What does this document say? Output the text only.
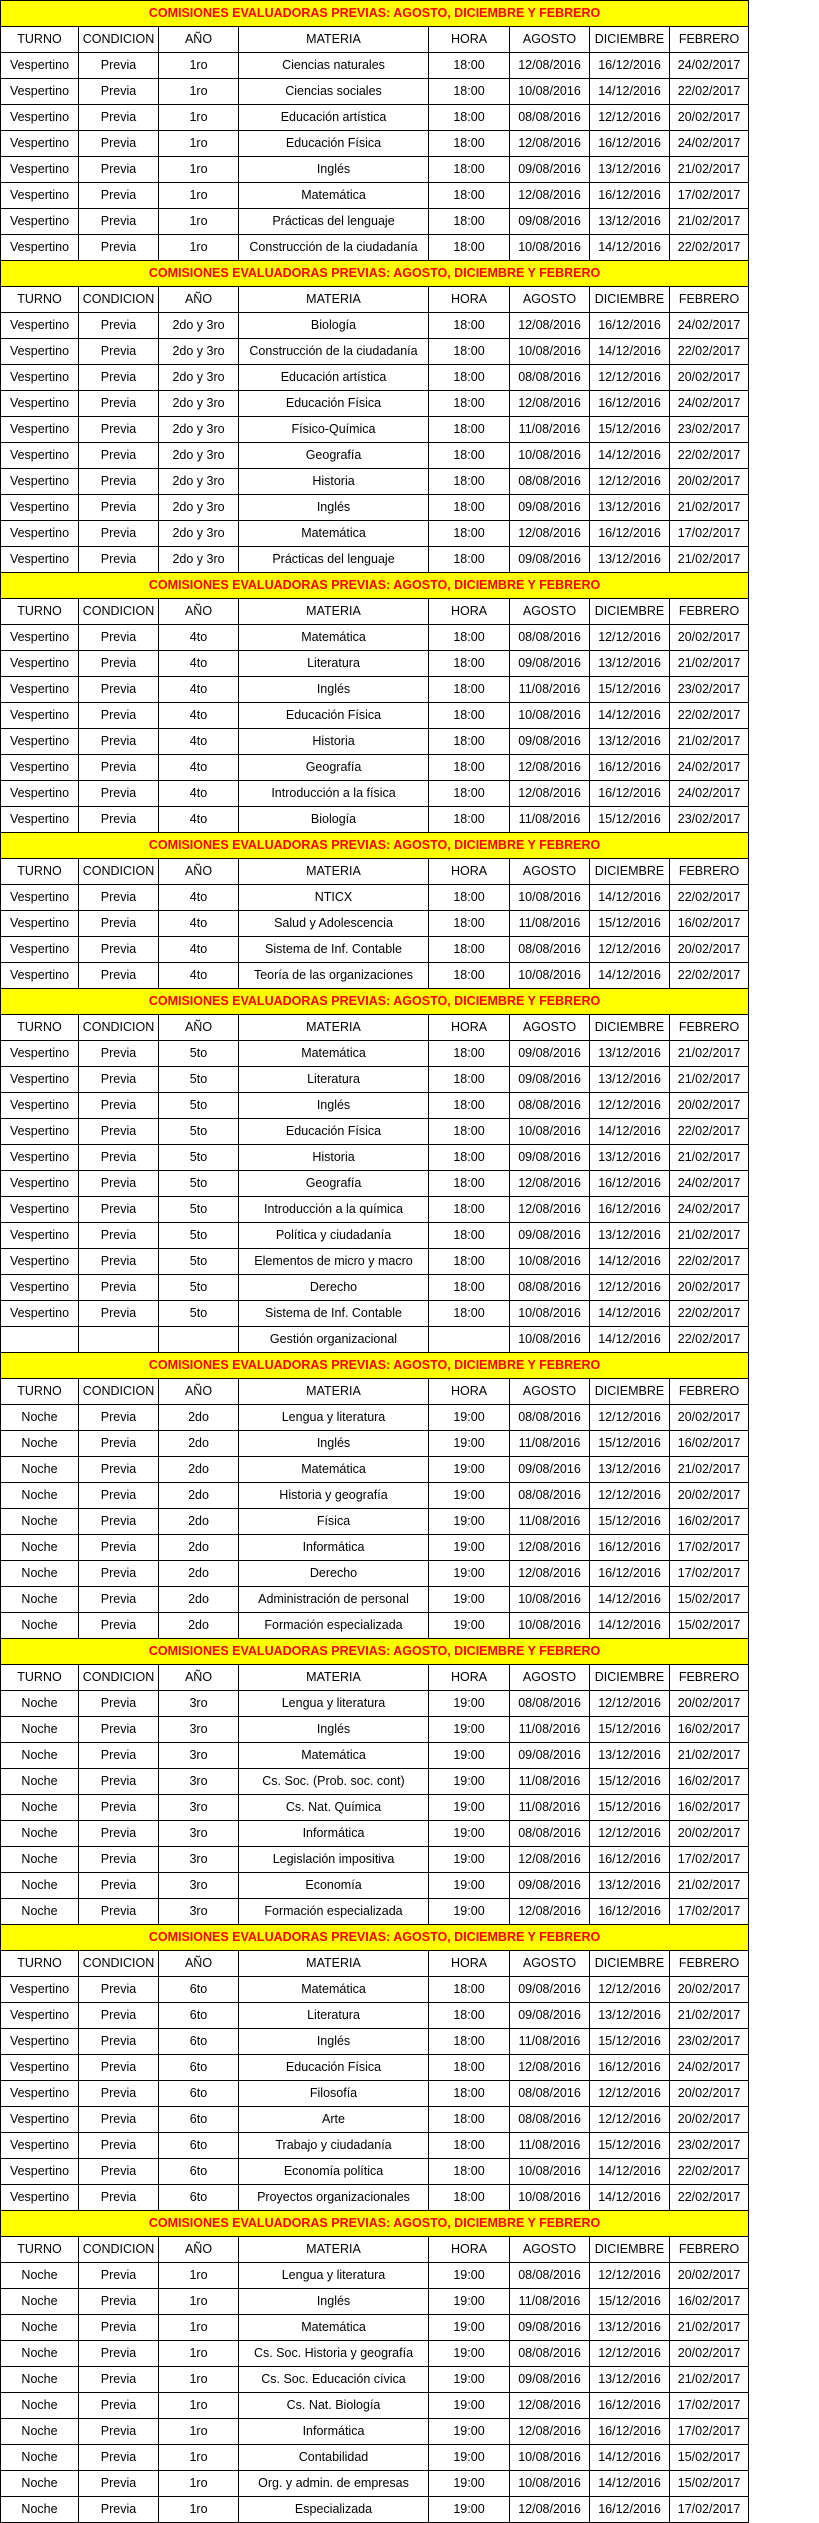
COMISIONES EVALUADORAS PREVIAS: AGOSTO, DICIEMBRE Y FEBRERO							
TURNO	CONDICION	AÑO	MATERIA	HORA	AGOSTO	DICIEMBRE	FEBRERO
Vespertino	Previa	1ro	Ciencias naturales	18:00	12/08/2016	16/12/2016	24/02/2017
Vespertino	Previa	1ro	Ciencias sociales	18:00	10/08/2016	14/12/2016	22/02/2017
Vespertino	Previa	1ro	Educación artística	18:00	08/08/2016	12/12/2016	20/02/2017
Vespertino	Previa	1ro	Educación Física	18:00	12/08/2016	16/12/2016	24/02/2017
Vespertino	Previa	1ro	Inglés	18:00	09/08/2016	13/12/2016	21/02/2017
Vespertino	Previa	1ro	Matemática	18:00	12/08/2016	16/12/2016	17/02/2017
Vespertino	Previa	1ro	Prácticas del lenguaje	18:00	09/08/2016	13/12/2016	21/02/2017
Vespertino	Previa	1ro	Construcción de la ciudadanía	18:00	10/08/2016	14/12/2016	22/02/2017
COMISIONES EVALUADORAS PREVIAS: AGOSTO, DICIEMBRE Y FEBRERO							
TURNO	CONDICION	AÑO	MATERIA	HORA	AGOSTO	DICIEMBRE	FEBRERO
Vespertino	Previa	2do y 3ro	Biología	18:00	12/08/2016	16/12/2016	24/02/2017
Vespertino	Previa	2do y 3ro	Construcción de la ciudadanía	18:00	10/08/2016	14/12/2016	22/02/2017
Vespertino	Previa	2do y 3ro	Educación artística	18:00	08/08/2016	12/12/2016	20/02/2017
Vespertino	Previa	2do y 3ro	Educación Física	18:00	12/08/2016	16/12/2016	24/02/2017
Vespertino	Previa	2do y 3ro	Físico-Química	18:00	11/08/2016	15/12/2016	23/02/2017
Vespertino	Previa	2do y 3ro	Geografía	18:00	10/08/2016	14/12/2016	22/02/2017
Vespertino	Previa	2do y 3ro	Historia	18:00	08/08/2016	12/12/2016	20/02/2017
Vespertino	Previa	2do y 3ro	Inglés	18:00	09/08/2016	13/12/2016	21/02/2017
Vespertino	Previa	2do y 3ro	Matemática	18:00	12/08/2016	16/12/2016	17/02/2017
Vespertino	Previa	2do y 3ro	Prácticas del lenguaje	18:00	09/08/2016	13/12/2016	21/02/2017
COMISIONES EVALUADORAS PREVIAS: AGOSTO, DICIEMBRE Y FEBRERO							
TURNO	CONDICION	AÑO	MATERIA	HORA	AGOSTO	DICIEMBRE	FEBRERO
Vespertino	Previa	4to	Matemática	18:00	08/08/2016	12/12/2016	20/02/2017
Vespertino	Previa	4to	Literatura	18:00	09/08/2016	13/12/2016	21/02/2017
Vespertino	Previa	4to	Inglés	18:00	11/08/2016	15/12/2016	23/02/2017
Vespertino	Previa	4to	Educación Física	18:00	10/08/2016	14/12/2016	22/02/2017
Vespertino	Previa	4to	Historia	18:00	09/08/2016	13/12/2016	21/02/2017
Vespertino	Previa	4to	Geografía	18:00	12/08/2016	16/12/2016	24/02/2017
Vespertino	Previa	4to	Introducción a la física	18:00	12/08/2016	16/12/2016	24/02/2017
Vespertino	Previa	4to	Biología	18:00	11/08/2016	15/12/2016	23/02/2017
COMISIONES EVALUADORAS PREVIAS: AGOSTO, DICIEMBRE Y FEBRERO							
TURNO	CONDICION	AÑO	MATERIA	HORA	AGOSTO	DICIEMBRE	FEBRERO
Vespertino	Previa	4to	NTICX	18:00	10/08/2016	14/12/2016	22/02/2017
Vespertino	Previa	4to	Salud y Adolescencia	18:00	11/08/2016	15/12/2016	16/02/2017
Vespertino	Previa	4to	Sistema de Inf. Contable	18:00	08/08/2016	12/12/2016	20/02/2017
Vespertino	Previa	4to	Teoría de las organizaciones	18:00	10/08/2016	14/12/2016	22/02/2017
COMISIONES EVALUADORAS PREVIAS: AGOSTO, DICIEMBRE Y FEBRERO							
TURNO	CONDICION	AÑO	MATERIA	HORA	AGOSTO	DICIEMBRE	FEBRERO
Vespertino	Previa	5to	Matemática	18:00	09/08/2016	13/12/2016	21/02/2017
Vespertino	Previa	5to	Literatura	18:00	09/08/2016	13/12/2016	21/02/2017
Vespertino	Previa	5to	Inglés	18:00	08/08/2016	12/12/2016	20/02/2017
Vespertino	Previa	5to	Educación Física	18:00	10/08/2016	14/12/2016	22/02/2017
Vespertino	Previa	5to	Historia	18:00	09/08/2016	13/12/2016	21/02/2017
Vespertino	Previa	5to	Geografía	18:00	12/08/2016	16/12/2016	24/02/2017
Vespertino	Previa	5to	Introducción a la química	18:00	12/08/2016	16/12/2016	24/02/2017
Vespertino	Previa	5to	Política y ciudadanía	18:00	09/08/2016	13/12/2016	21/02/2017
Vespertino	Previa	5to	Elementos de micro y macro	18:00	10/08/2016	14/12/2016	22/02/2017
Vespertino	Previa	5to	Derecho	18:00	08/08/2016	12/12/2016	20/02/2017
Vespertino	Previa	5to	Sistema de Inf. Contable	18:00	10/08/2016	14/12/2016	22/02/2017
			Gestión organizacional		10/08/2016	14/12/2016	22/02/2017
COMISIONES EVALUADORAS PREVIAS: AGOSTO, DICIEMBRE Y FEBRERO							
TURNO	CONDICION	AÑO	MATERIA	HORA	AGOSTO	DICIEMBRE	FEBRERO
Noche	Previa	2do	Lengua y literatura	19:00	08/08/2016	12/12/2016	20/02/2017
Noche	Previa	2do	Inglés	19:00	11/08/2016	15/12/2016	16/02/2017
Noche	Previa	2do	Matemática	19:00	09/08/2016	13/12/2016	21/02/2017
Noche	Previa	2do	Historia y geografía	19:00	08/08/2016	12/12/2016	20/02/2017
Noche	Previa	2do	Física	19:00	11/08/2016	15/12/2016	16/02/2017
Noche	Previa	2do	Informática	19:00	12/08/2016	16/12/2016	17/02/2017
Noche	Previa	2do	Derecho	19:00	12/08/2016	16/12/2016	17/02/2017
Noche	Previa	2do	Administración de personal	19:00	10/08/2016	14/12/2016	15/02/2017
Noche	Previa	2do	Formación especializada	19:00	10/08/2016	14/12/2016	15/02/2017
COMISIONES EVALUADORAS PREVIAS: AGOSTO, DICIEMBRE Y FEBRERO							
TURNO	CONDICION	AÑO	MATERIA	HORA	AGOSTO	DICIEMBRE	FEBRERO
Noche	Previa	3ro	Lengua y literatura	19:00	08/08/2016	12/12/2016	20/02/2017
Noche	Previa	3ro	Inglés	19:00	11/08/2016	15/12/2016	16/02/2017
Noche	Previa	3ro	Matemática	19:00	09/08/2016	13/12/2016	21/02/2017
Noche	Previa	3ro	Cs. Soc. (Prob. soc. cont)	19:00	11/08/2016	15/12/2016	16/02/2017
Noche	Previa	3ro	Cs. Nat. Química	19:00	11/08/2016	15/12/2016	16/02/2017
Noche	Previa	3ro	Informática	19:00	08/08/2016	12/12/2016	20/02/2017
Noche	Previa	3ro	Legislación impositiva	19:00	12/08/2016	16/12/2016	17/02/2017
Noche	Previa	3ro	Economía	19:00	09/08/2016	13/12/2016	21/02/2017
Noche	Previa	3ro	Formación especializada	19:00	12/08/2016	16/12/2016	17/02/2017
COMISIONES EVALUADORAS PREVIAS: AGOSTO, DICIEMBRE Y FEBRERO							
TURNO	CONDICION	AÑO	MATERIA	HORA	AGOSTO	DICIEMBRE	FEBRERO
Vespertino	Previa	6to	Matemática	18:00	09/08/2016	12/12/2016	20/02/2017
Vespertino	Previa	6to	Literatura	18:00	09/08/2016	13/12/2016	21/02/2017
Vespertino	Previa	6to	Inglés	18:00	11/08/2016	15/12/2016	23/02/2017
Vespertino	Previa	6to	Educación Física	18:00	12/08/2016	16/12/2016	24/02/2017
Vespertino	Previa	6to	Filosofía	18:00	08/08/2016	12/12/2016	20/02/2017
Vespertino	Previa	6to	Arte	18:00	08/08/2016	12/12/2016	20/02/2017
Vespertino	Previa	6to	Trabajo y ciudadanía	18:00	11/08/2016	15/12/2016	23/02/2017
Vespertino	Previa	6to	Economía política	18:00	10/08/2016	14/12/2016	22/02/2017
Vespertino	Previa	6to	Proyectos organizacionales	18:00	10/08/2016	14/12/2016	22/02/2017
COMISIONES EVALUADORAS PREVIAS: AGOSTO, DICIEMBRE Y FEBRERO							
TURNO	CONDICION	AÑO	MATERIA	HORA	AGOSTO	DICIEMBRE	FEBRERO
Noche	Previa	1ro	Lengua y literatura	19:00	08/08/2016	12/12/2016	20/02/2017
Noche	Previa	1ro	Inglés	19:00	11/08/2016	15/12/2016	16/02/2017
Noche	Previa	1ro	Matemática	19:00	09/08/2016	13/12/2016	21/02/2017
Noche	Previa	1ro	Cs. Soc. Historia y geografía	19:00	08/08/2016	12/12/2016	20/02/2017
Noche	Previa	1ro	Cs. Soc. Educación cívica	19:00	09/08/2016	13/12/2016	21/02/2017
Noche	Previa	1ro	Cs. Nat. Biología	19:00	12/08/2016	16/12/2016	17/02/2017
Noche	Previa	1ro	Informática	19:00	12/08/2016	16/12/2016	17/02/2017
Noche	Previa	1ro	Contabilidad	19:00	10/08/2016	14/12/2016	15/02/2017
Noche	Previa	1ro	Org. y admin. de empresas	19:00	10/08/2016	14/12/2016	15/02/2017
Noche	Previa	1ro	Especializada	19:00	12/08/2016	16/12/2016	17/02/2017
